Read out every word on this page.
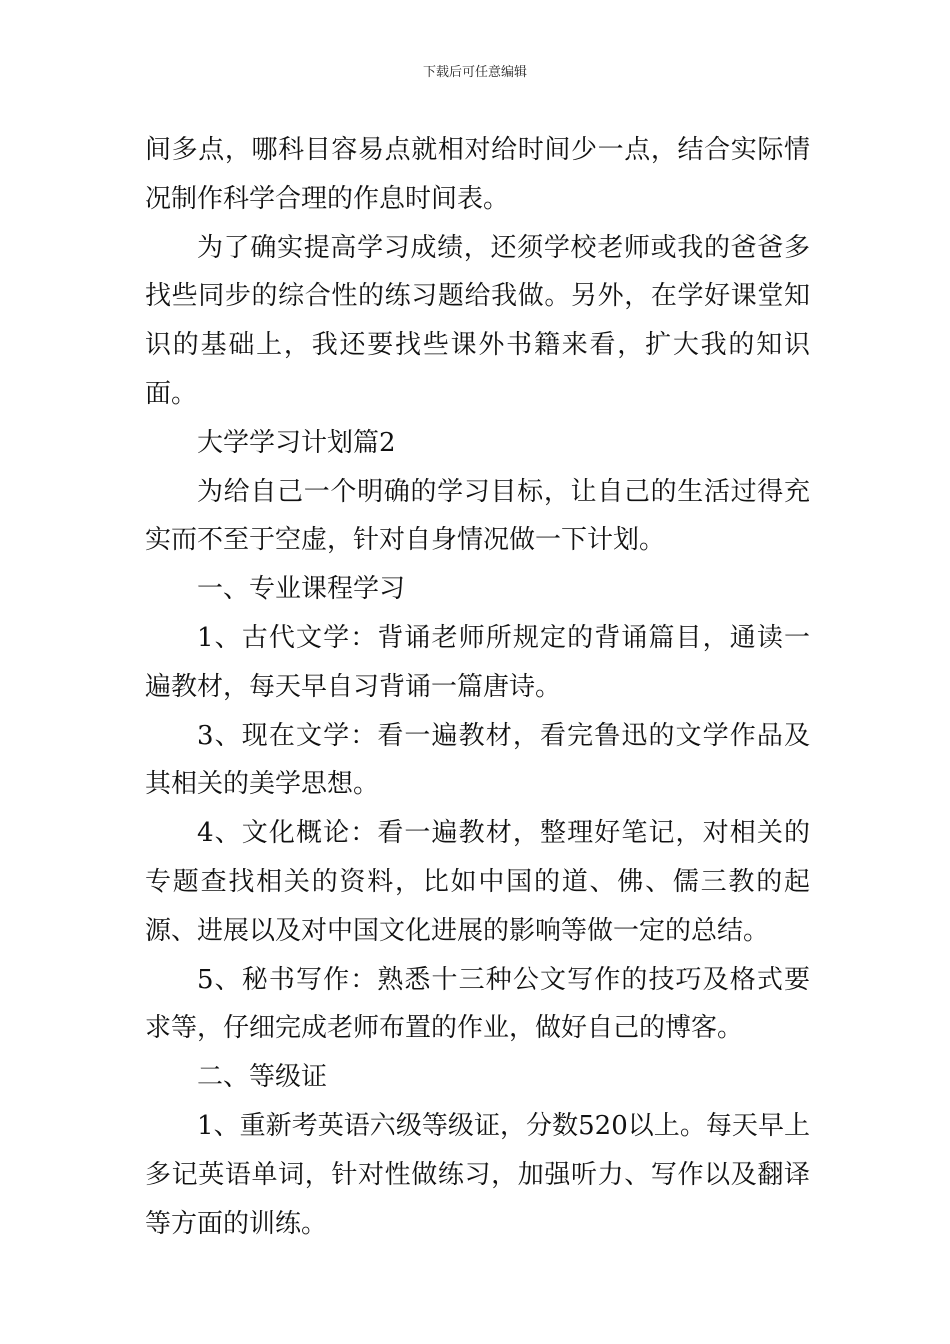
下载后可任意编辑

间多点，哪科目容易点就相对给时间少一点，结合实际情况制作科学合理的作息时间表。

为了确实提高学习成绩，还须学校老师或我的爸爸多找些同步的综合性的练习题给我做。另外，在学好课堂知识的基础上，我还要找些课外书籍来看，扩大我的知识面。

大学学习计划篇2

为给自己一个明确的学习目标，让自己的生活过得充实而不至于空虚，针对自身情况做一下计划。

一、专业课程学习

1、古代文学：背诵老师所规定的背诵篇目，通读一遍教材，每天早自习背诵一篇唐诗。

3、现在文学：看一遍教材，看完鲁迅的文学作品及其相关的美学思想。

4、文化概论：看一遍教材，整理好笔记，对相关的专题查找相关的资料，比如中国的道、佛、儒三教的起源、进展以及对中国文化进展的影响等做一定的总结。

5、秘书写作：熟悉十三种公文写作的技巧及格式要求等，仔细完成老师布置的作业，做好自己的博客。

二、等级证

1、重新考英语六级等级证，分数520以上。每天早上多记英语单词，针对性做练习，加强听力、写作以及翻译等方面的训练。
